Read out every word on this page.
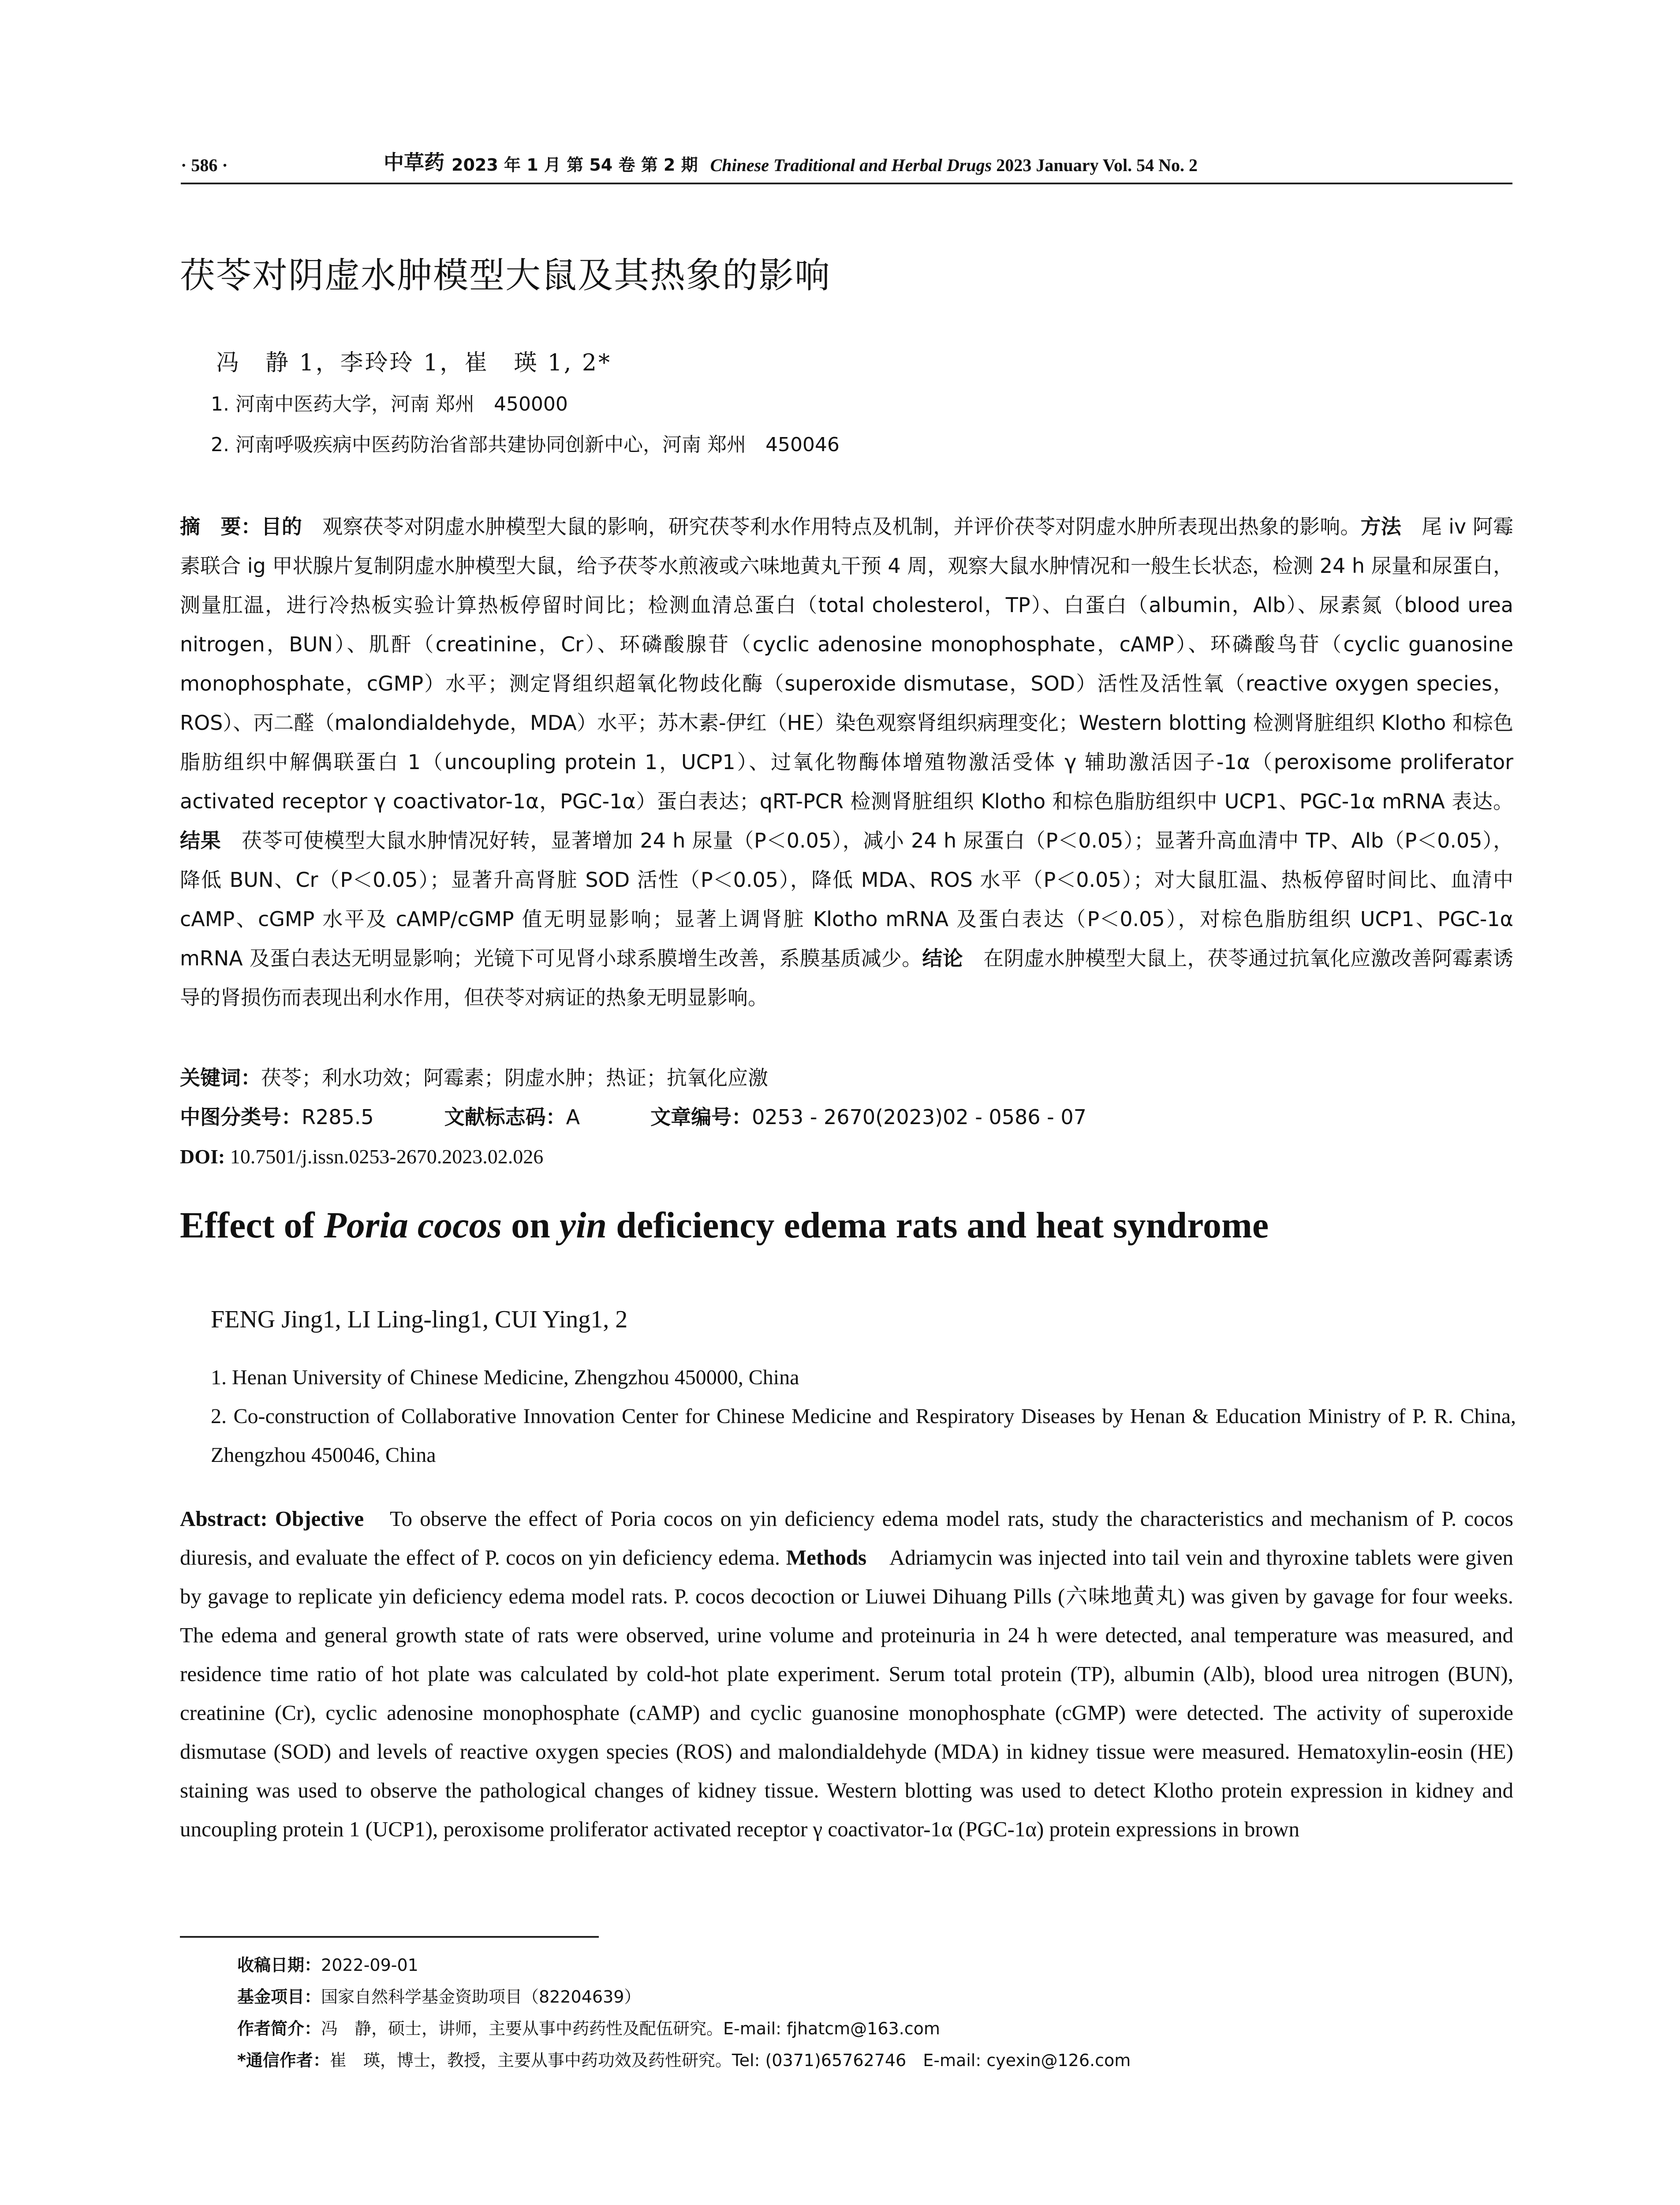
· 586 ·	中草药 2023 年 1 月 第 54 卷 第 2 期 Chinese Traditional and Herbal Drugs 2023 January Vol. 54 No. 2
茯苓对阴虚水肿模型大鼠及其热象的影响
冯　静 1，李玲玲 1，崔　瑛 1, 2*
1. 河南中医药大学，河南 郑州　450000
2. 河南呼吸疾病中医药防治省部共建协同创新中心，河南 郑州　450046
摘　要：目的　 观察茯苓对阴虚水肿模型大鼠的影响，研究茯苓利水作用特点及机制，并评价茯苓对阴虚水肿所表现出热象的影响。方法　 尾 iv 阿霉素联合 ig 甲状腺片复制阴虚水肿模型大鼠，给予茯苓水煎液或六味地黄丸干预 4 周，观察大鼠水肿情况和一般生长状态，检测 24 h 尿量和尿蛋白，测量肛温，进行冷热板实验计算热板停留时间比；检测血清总蛋白（total cholesterol，TP）、白蛋白（albumin，Alb）、尿素氮（blood urea nitrogen，BUN）、肌酐（creatinine，Cr）、环磷酸腺苷（cyclic adenosine monophosphate，cAMP）、环磷酸鸟苷（cyclic guanosine monophosphate，cGMP）水平；测定肾组织超氧化物歧化酶（superoxide dismutase，SOD）活性及活性氧（reactive oxygen species，ROS）、丙二醛（malondialdehyde，MDA）水平；苏木素-伊红（HE）染色观察肾组织病理变化；Western blotting 检测肾脏组织 Klotho 和棕色脂肪组织中解偶联蛋白 1（uncoupling protein 1，UCP1）、过氧化物酶体增殖物激活受体 γ 辅助激活因子-1α（peroxisome proliferator activated receptor γ coactivator-1α，PGC-1α）蛋白表达；qRT-PCR 检测肾脏组织 Klotho 和棕色脂肪组织中 UCP1、PGC-1α mRNA 表达。结果　 茯苓可使模型大鼠水肿情况好转，显著增加 24 h 尿量（P＜0.05），减小 24 h 尿蛋白（P＜0.05）；显著升高血清中 TP、Alb（P＜0.05），降低 BUN、Cr（P＜0.05）；显著升高肾脏 SOD 活性（P＜0.05），降低 MDA、ROS 水平（P＜0.05）；对大鼠肛温、热板停留时间比、血清中 cAMP、cGMP 水平及 cAMP/cGMP 值无明显影响；显著上调肾脏 Klotho mRNA 及蛋白表达（P＜0.05），对棕色脂肪组织 UCP1、PGC-1α mRNA 及蛋白表达无明显影响；光镜下可见肾小球系膜增生改善，系膜基质减少。结论　 在阴虚水肿模型大鼠上，茯苓通过抗氧化应激改善阿霉素诱导的肾损伤而表现出利水作用，但茯苓对病证的热象无明显影响。
关键词：茯苓；利水功效；阿霉素；阴虚水肿；热证；抗氧化应激
中图分类号：R285.5	文献标志码：A	文章编号：0253 - 2670(2023)02 - 0586 - 07
DOI: 10.7501/j.issn.0253-2670.2023.02.026
Effect of Poria cocos on yin deficiency edema rats and heat syndrome
FENG Jing1, LI Ling-ling1, CUI Ying1, 2
1. Henan University of Chinese Medicine, Zhengzhou 450000, China
2. Co-construction of Collaborative Innovation Center for Chinese Medicine and Respiratory Diseases by Henan & Education Ministry of P. R. China, Zhengzhou 450046, China
Abstract: Objective　 To observe the effect of Poria cocos on yin deficiency edema model rats, study the characteristics and mechanism of P. cocos diuresis, and evaluate the effect of P. cocos on yin deficiency edema. Methods　 Adriamycin was injected into tail vein and thyroxine tablets were given by gavage to replicate yin deficiency edema model rats. P. cocos decoction or Liuwei Dihuang Pills (六味地黄丸) was given by gavage for four weeks. The edema and general growth state of rats were observed, urine volume and proteinuria in 24 h were detected, anal temperature was measured, and residence time ratio of hot plate was calculated by cold-hot plate experiment. Serum total protein (TP), albumin (Alb), blood urea nitrogen (BUN), creatinine (Cr), cyclic adenosine monophosphate (cAMP) and cyclic guanosine monophosphate (cGMP) were detected. The activity of superoxide dismutase (SOD) and levels of reactive oxygen species (ROS) and malondialdehyde (MDA) in kidney tissue were measured. Hematoxylin-eosin (HE) staining was used to observe the pathological changes of kidney tissue. Western blotting was used to detect Klotho protein expression in kidney and uncoupling protein 1 (UCP1), peroxisome proliferator activated receptor γ coactivator-1α (PGC-1α) protein expressions in brown
收稿日期：2022-09-01
基金项目：国家自然科学基金资助项目（82204639）
作者简介：冯　静，硕士，讲师，主要从事中药药性及配伍研究。E-mail: fjhatcm@163.com
*通信作者：崔　瑛，博士，教授，主要从事中药功效及药性研究。Tel: (0371)65762746　E-mail: cyexin@126.com
